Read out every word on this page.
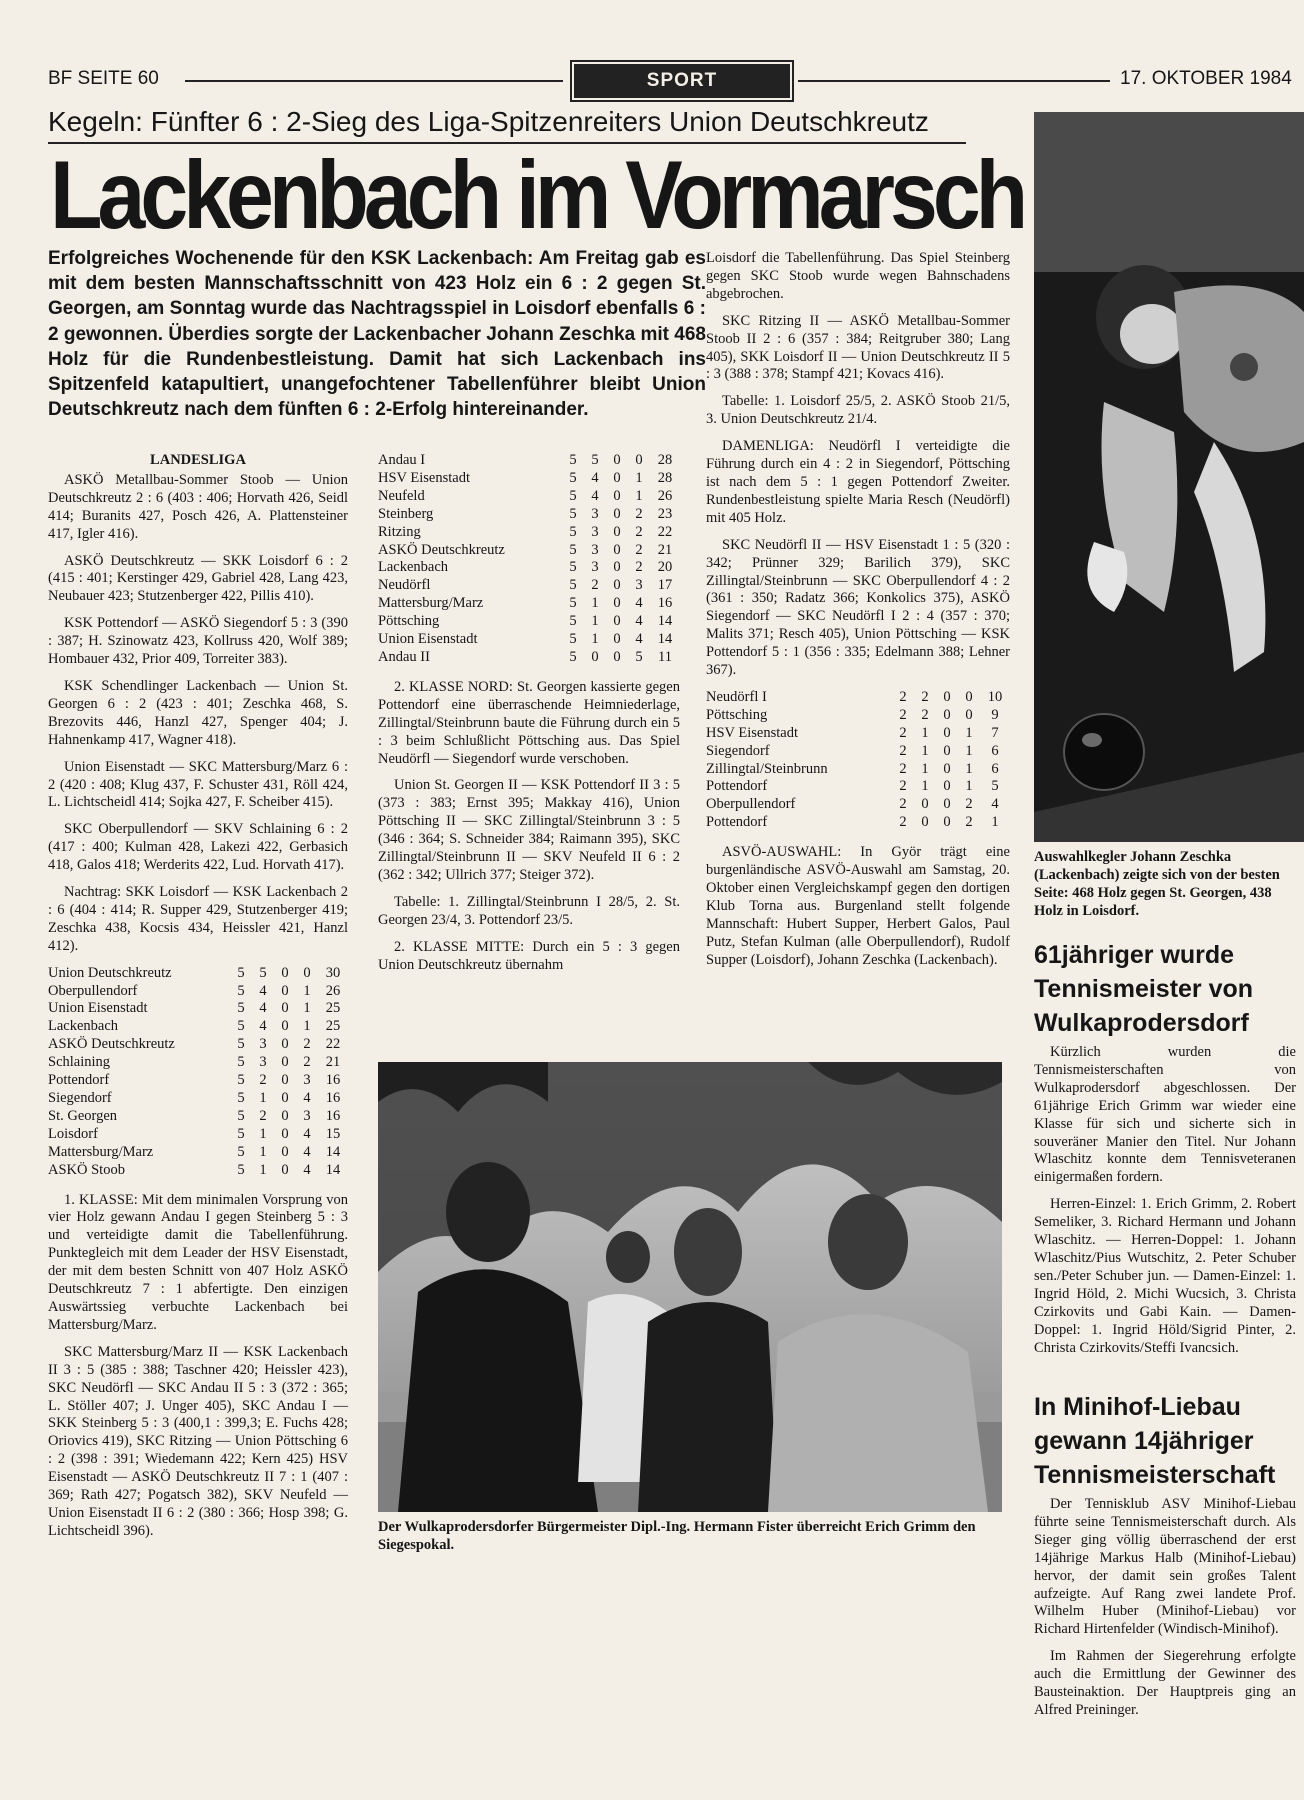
BF SEITE 60	SPORT	17. OKTOBER 1984
Kegeln: Fünfter 6 : 2-Sieg des Liga-Spitzenreiters Union Deutschkreutz
Lackenbach im Vormarsch
Erfolgreiches Wochenende für den KSK Lackenbach: Am Freitag gab es mit dem besten Mannschaftsschnitt von 423 Holz ein 6 : 2 gegen St. Georgen, am Sonntag wurde das Nachtragsspiel in Loisdorf ebenfalls 6 : 2 gewonnen. Überdies sorgte der Lackenbacher Johann Zeschka mit 468 Holz für die Rundenbestleistung. Damit hat sich Lackenbach ins Spitzenfeld katapultiert, unangefochtener Tabellenführer bleibt Union Deutschkreutz nach dem fünften 6 : 2-Erfolg hintereinander.
LANDESLIGA

ASKÖ Metallbau-Sommer Stoob — Union Deutschkreutz 2 : 6 (403 : 406; Horvath 426, Seidl 414; Buranits 427, Posch 426, A. Plattensteiner 417, Igler 416).

ASKÖ Deutschkreutz — SKK Loisdorf 6 : 2 (415 : 401; Kerstinger 429, Gabriel 428, Lang 423, Neubauer 423; Stutzenberger 422, Pillis 410).

KSK Pottendorf — ASKÖ Siegendorf 5 : 3 (390 : 387; H. Szinowatz 423, Kollruss 420, Wolf 389; Hombauer 432, Prior 409, Torreiter 383).

KSK Schendlinger Lackenbach — Union St. Georgen 6 : 2 (423 : 401; Zeschka 468, S. Brezovits 446, Hanzl 427, Spenger 404; J. Hahnenkamp 417, Wagner 418).

Union Eisenstadt — SKC Mattersburg/Marz 6 : 2 (420 : 408; Klug 437, F. Schuster 431, Röll 424, L. Lichtscheidl 414; Sojka 427, F. Scheiber 415).

SKC Oberpullendorf — SKV Schlaining 6 : 2 (417 : 400; Kulman 428, Lakezi 422, Gerbasich 418, Galos 418; Werderits 422, Lud. Horvath 417).

Nachtrag: SKK Loisdorf — KSK Lackenbach 2 : 6 (404 : 414; R. Supper 429, Stutzenberger 419; Zeschka 438, Kocsis 434, Heissler 421, Hanzl 412).

Union Deutschkreutz	5	5	0	0	30
Oberpullendorf	5	4	0	1	26
Union Eisenstadt	5	4	0	1	25
Lackenbach	5	4	0	1	25
ASKÖ Deutschkreutz	5	3	0	2	22
Schlaining	5	3	0	2	21
Pottendorf	5	2	0	3	16
Siegendorf	5	1	0	4	16
St. Georgen	5	2	0	3	16
Loisdorf	5	1	0	4	15
Mattersburg/Marz	5	1	0	4	14
ASKÖ Stoob	5	1	0	4	14

1. KLASSE: Mit dem minimalen Vorsprung von vier Holz gewann Andau I gegen Steinberg 5 : 3 und verteidigte damit die Tabellenführung. Punktegleich mit dem Leader der HSV Eisenstadt, der mit dem besten Schnitt von 407 Holz ASKÖ Deutschkreutz 7 : 1 abfertigte. Den einzigen Auswärtssieg verbuchte Lackenbach bei Mattersburg/Marz.

SKC Mattersburg/Marz II — KSK Lackenbach II 3 : 5 (385 : 388; Taschner 420; Heissler 423), SKC Neudörfl — SKC Andau II 5 : 3 (372 : 365; L. Stöller 407; J. Unger 405), SKC Andau I — SKK Steinberg 5 : 3 (400,1 : 399,3; E. Fuchs 428; Oriovics 419), SKC Ritzing — Union Pöttsching 6 : 2 (398 : 391; Wiedemann 422; Kern 425) HSV Eisenstadt — ASKÖ Deutschkreutz II 7 : 1 (407 : 369; Rath 427; Pogatsch 382), SKV Neufeld — Union Eisenstadt II 6 : 2 (380 : 366; Hosp 398; G. Lichtscheidl 396).

Andau I	5	5	0	0	28
HSV Eisenstadt	5	4	0	1	28
Neufeld	5	4	0	1	26
Steinberg	5	3	0	2	23
Ritzing	5	3	0	2	22
ASKÖ Deutschkreutz	5	3	0	2	21
Lackenbach	5	3	0	2	20
Neudörfl	5	2	0	3	17
Mattersburg/Marz	5	1	0	4	16
Pöttsching	5	1	0	4	14
Union Eisenstadt	5	1	0	4	14
Andau II	5	0	0	5	11

2. KLASSE NORD: St. Georgen kassierte gegen Pottendorf eine überraschende Heimniederlage, Zillingtal/Steinbrunn baute die Führung durch ein 5 : 3 beim Schlußlicht Pöttsching aus. Das Spiel Neudörfl — Siegendorf wurde verschoben.

Union St. Georgen II — KSK Pottendorf II 3 : 5 (373 : 383; Ernst 395; Makkay 416), Union Pöttsching II — SKC Zillingtal/Steinbrunn 3 : 5 (346 : 364; S. Schneider 384; Raimann 395), SKC Zillingtal/Steinbrunn II — SKV Neufeld II 6 : 2 (362 : 342; Ullrich 377; Steiger 372).

Tabelle: 1. Zillingtal/Steinbrunn I 28/5, 2. St. Georgen 23/4, 3. Pottendorf 23/5.

2. KLASSE MITTE: Durch ein 5 : 3 gegen Union Deutschkreutz übernahm

Loisdorf die Tabellenführung. Das Spiel Steinberg gegen SKC Stoob wurde wegen Bahnschadens abgebrochen.

SKC Ritzing II — ASKÖ Metallbau-Sommer Stoob II 2 : 6 (357 : 384; Reitgruber 380; Lang 405), SKK Loisdorf II — Union Deutschkreutz II 5 : 3 (388 : 378; Stampf 421; Kovacs 416).

Tabelle: 1. Loisdorf 25/5, 2. ASKÖ Stoob 21/5, 3. Union Deutschkreutz 21/4.

DAMENLIGA: Neudörfl I verteidigte die Führung durch ein 4 : 2 in Siegendorf, Pöttsching ist nach dem 5 : 1 gegen Pottendorf Zweiter. Rundenbestleistung spielte Maria Resch (Neudörfl) mit 405 Holz.

SKC Neudörfl II — HSV Eisenstadt 1 : 5 (320 : 342; Prünner 329; Barilich 379), SKC Zillingtal/Steinbrunn — SKC Oberpullendorf 4 : 2 (361 : 350; Radatz 366; Konkolics 375), ASKÖ Siegendorf — SKC Neudörfl I 2 : 4 (357 : 370; Malits 371; Resch 405), Union Pöttsching — KSK Pottendorf 5 : 1 (356 : 335; Edelmann 388; Lehner 367).

Neudörfl I	2	2	0	0	10
Pöttsching	2	2	0	0	9
HSV Eisenstadt	2	1	0	1	7
Siegendorf	2	1	0	1	6
Zillingtal/Steinbrunn	2	1	0	1	6
Pottendorf	2	1	0	1	5
Oberpullendorf	2	0	0	2	4
Pottendorf	2	0	0	2	1

ASVÖ-AUSWAHL: In Györ trägt eine burgenländische ASVÖ-Auswahl am Samstag, 20. Oktober einen Vergleichskampf gegen den dortigen Klub Torna aus. Burgenland stellt folgende Mannschaft: Hubert Supper, Herbert Galos, Paul Putz, Stefan Kulman (alle Oberpullendorf), Rudolf Supper (Loisdorf), Johann Zeschka (Lackenbach).

Der Wulkaprodersdorfer Bürgermeister Dipl.-Ing. Hermann Fister überreicht Erich Grimm den Siegespokal.
Auswahlkegler Johann Zeschka (Lackenbach) zeigte sich von der besten Seite: 468 Holz gegen St. Georgen, 438 Holz in Loisdorf.
61jähriger wurde Tennismeister von Wulkaprodersdorf

Kürzlich wurden die Tennismeisterschaften von Wulkaprodersdorf abgeschlossen. Der 61jährige Erich Grimm war wieder eine Klasse für sich und sicherte sich in souveräner Manier den Titel. Nur Johann Wlaschitz konnte dem Tennisveteranen einigermaßen fordern.

Herren-Einzel: 1. Erich Grimm, 2. Robert Semeliker, 3. Richard Hermann und Johann Wlaschitz. — Herren-Doppel: 1. Johann Wlaschitz/Pius Wutschitz, 2. Peter Schuber sen./Peter Schuber jun. — Damen-Einzel: 1. Ingrid Höld, 2. Michi Wucsich, 3. Christa Czirkovits und Gabi Kain. — Damen-Doppel: 1. Ingrid Höld/Sigrid Pinter, 2. Christa Czirkovits/Steffi Ivancsich.

In Minihof-Liebau gewann 14jähriger Tennismeisterschaft

Der Tennisklub ASV Minihof-Liebau führte seine Tennismeisterschaft durch. Als Sieger ging völlig überraschend der erst 14jährige Markus Halb (Minihof-Liebau) hervor, der damit sein großes Talent aufzeigte. Auf Rang zwei landete Prof. Wilhelm Huber (Minihof-Liebau) vor Richard Hirtenfelder (Windisch-Minihof).

Im Rahmen der Siegerehrung erfolgte auch die Ermittlung der Gewinner des Bausteinaktion. Der Hauptpreis ging an Alfred Preininger.
